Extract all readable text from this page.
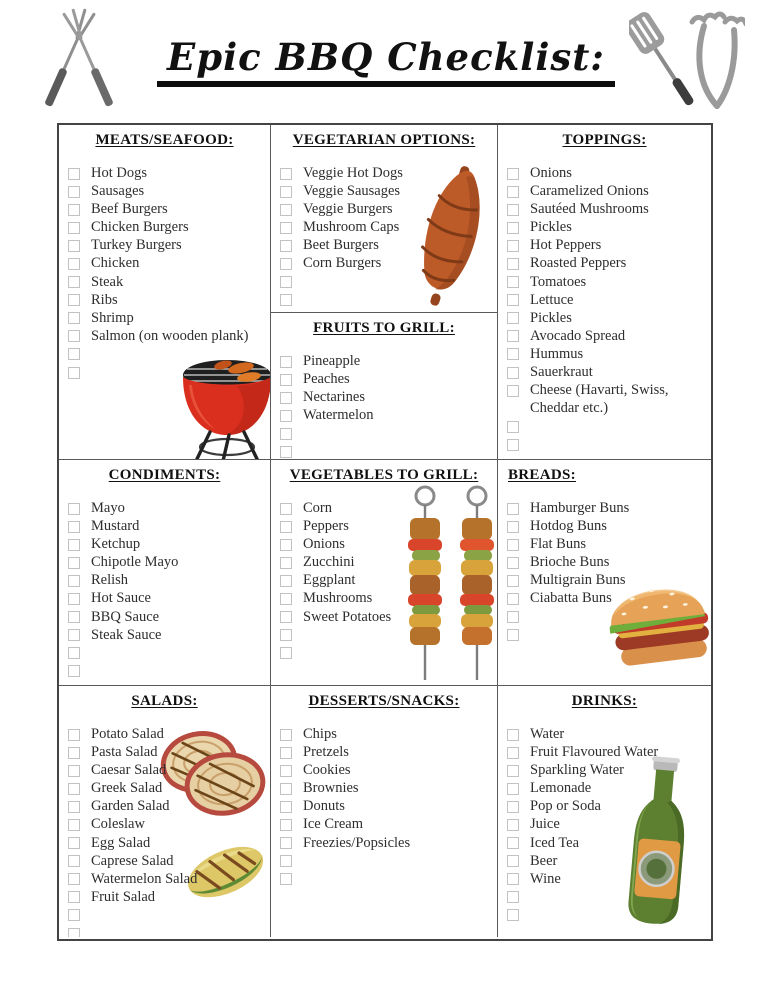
Epic BBQ Checklist:
MEATS/SEAFOOD:
Hot Dogs
Sausages
Beef Burgers
Chicken Burgers
Turkey Burgers
Chicken
Steak
Ribs
Shrimp
Salmon (on wooden plank)
VEGETARIAN OPTIONS:
Veggie Hot Dogs
Veggie Sausages
Veggie Burgers
Mushroom Caps
Beet Burgers
Corn Burgers
FRUITS TO GRILL:
Pineapple
Peaches
Nectarines
Watermelon
TOPPINGS:
Onions
Caramelized Onions
Sautéed Mushrooms
Pickles
Hot Peppers
Roasted Peppers
Tomatoes
Lettuce
Pickles
Avocado Spread
Hummus
Sauerkraut
Cheese (Havarti, Swiss, Cheddar etc.)
CONDIMENTS:
Mayo
Mustard
Ketchup
Chipotle Mayo
Relish
Hot Sauce
BBQ Sauce
Steak Sauce
VEGETABLES TO GRILL:
Corn
Peppers
Onions
Zucchini
Eggplant
Mushrooms
Sweet Potatoes
BREADS:
Hamburger Buns
Hotdog Buns
Flat Buns
Brioche Buns
Multigrain Buns
Ciabatta Buns
SALADS:
Potato Salad
Pasta Salad
Caesar Salad
Greek Salad
Garden Salad
Coleslaw
Egg Salad
Caprese Salad
Watermelon Salad
Fruit Salad
DESSERTS/SNACKS:
Chips
Pretzels
Cookies
Brownies
Donuts
Ice Cream
Freezies/Popsicles
DRINKS:
Water
Fruit Flavoured Water
Sparkling Water
Lemonade
Pop or Soda
Juice
Iced Tea
Beer
Wine
